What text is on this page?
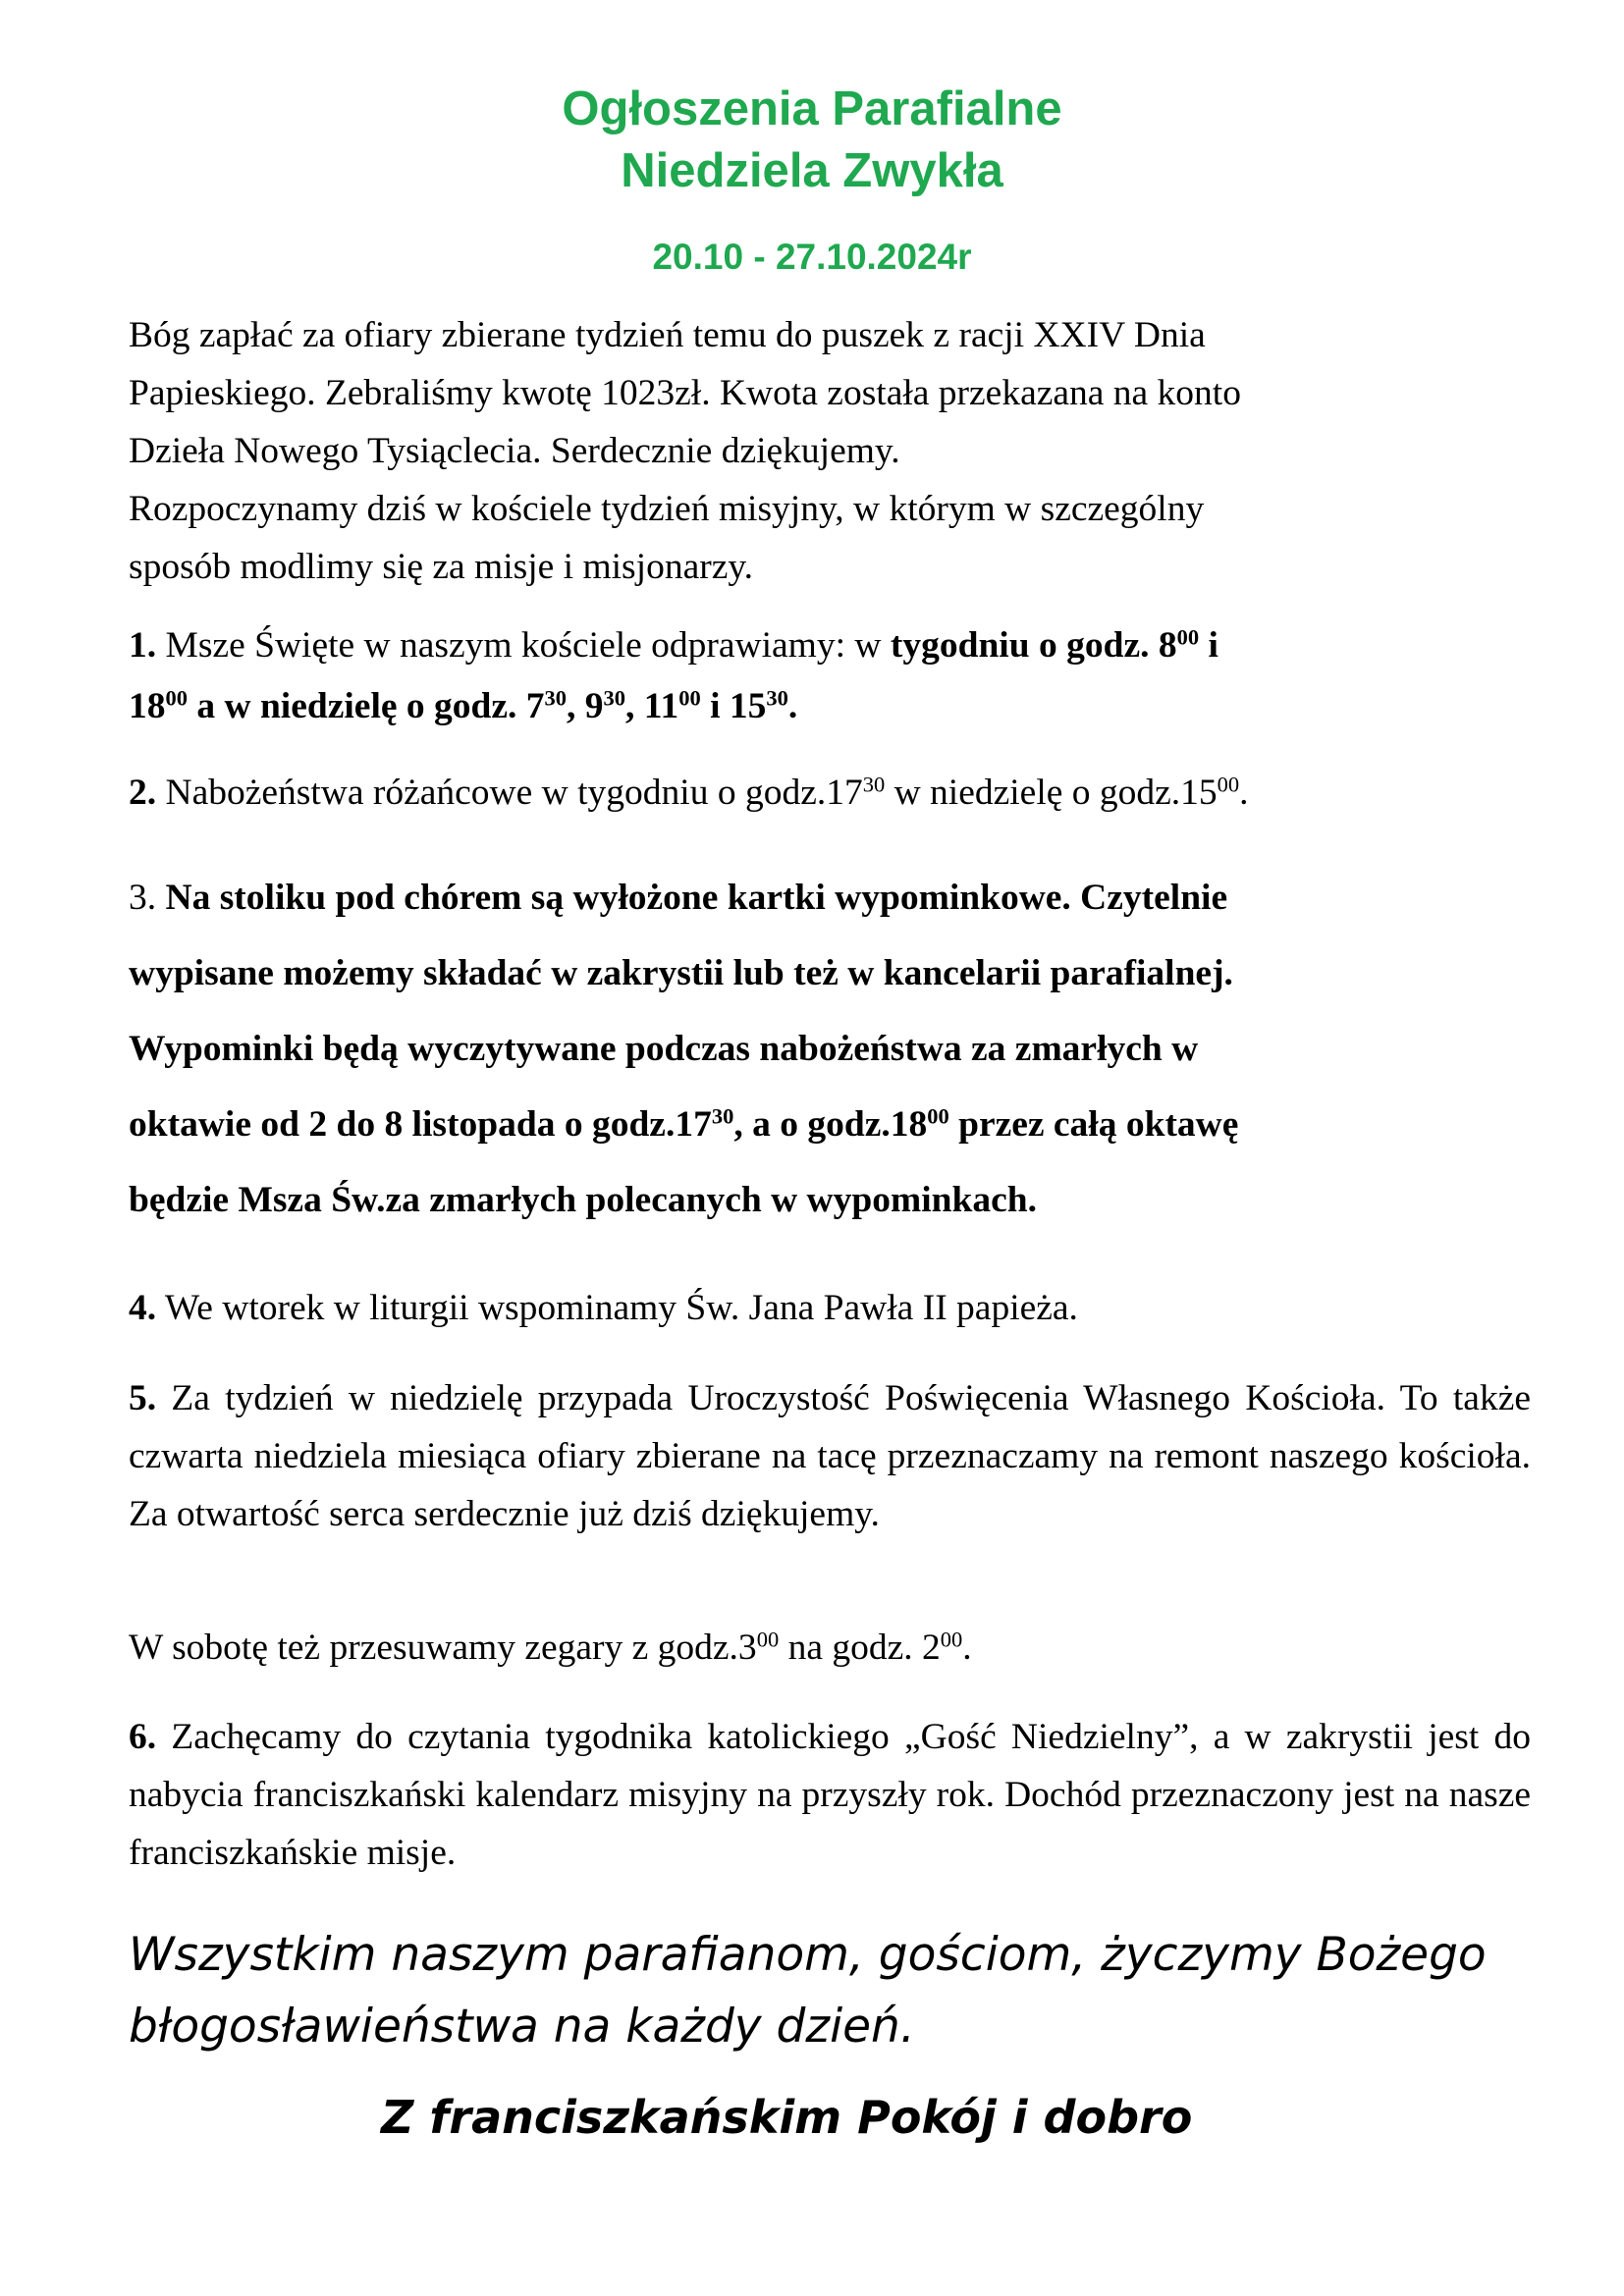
Ogłoszenia Parafialne
Niedziela Zwykła
20.10 - 27.10.2024r
Bóg zapłać za ofiary zbierane tydzień temu do puszek z racji XXIV Dnia
Papieskiego. Zebraliśmy kwotę 1023zł. Kwota została przekazana na konto
Dzieła Nowego Tysiąclecia. Serdecznie dziękujemy.
Rozpoczynamy dziś w kościele tydzień misyjny, w którym w szczególny
sposób modlimy się za misje i misjonarzy.
1. Msze Święte w naszym kościele odprawiamy: w tygodniu o godz. $8^{00}$ i
$18^{00}$ a w niedzielę o godz. $7^{30}$, $9^{30}$, $11^{00}$ i $15^{30}$.
2. Nabożeństwa różańcowe w tygodniu o $godz.17^{30}$ w niedzielę o $godz.15^{00}$.
3. Na stoliku pod chórem są wyłożone kartki wypominkowe. Czytelnie
wypisane możemy składać w zakrystii lub też w kancelarii parafialnej.
Wypominki będą wyczytywane podczas nabożeństwa za zmarłych w
oktawie od 2 do 8 listopada o $godz.17^{30}$, a o $godz.18^{00}$ przez całą oktawę
będzie Msza Św.za zmarłych polecanych w wypominkach.
4. We wtorek w liturgii wspominamy Św. Jana Pawła II papieża.
5. Za tydzień w niedzielę przypada Uroczystość Poświęcenia Własnego Kościoła. To także czwarta niedziela miesiąca ofiary zbierane na tacę przeznaczamy na remont naszego kościoła. Za otwartość serca serdecznie już dziś dziękujemy.
W sobotę też przesuwamy zegary z $godz.3^{00}$ na godz. $2^{00}$.
6. Zachęcamy do czytania tygodnika katolickiego „Gość Niedzielny”, a w zakrystii jest do nabycia franciszkański kalendarz misyjny na przyszły rok. Dochód przeznaczony jest na nasze franciszkańskie misje.
Wszystkim naszym parafianom, gościom, życzymy Bożego
błogosławieństwa na każdy dzień.
Z franciszkańskim Pokój i dobro
